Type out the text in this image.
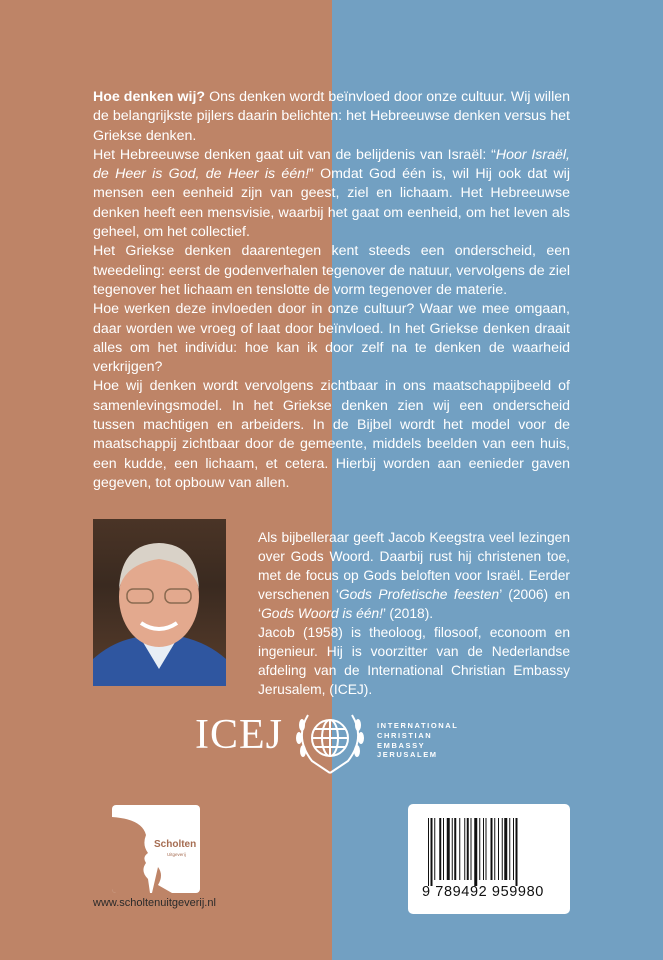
Hoe denken wij? Ons denken wordt beïnvloed door onze cultuur. Wij willen de belangrijkste pijlers daarin belichten: het Hebreeuwse denken versus het Griekse denken.

Het Hebreeuwse denken gaat uit van de belijdenis van Israël: “Hoor Israël, de Heer is God, de Heer is één!” Omdat God één is, wil Hij ook dat wij mensen een eenheid zijn van geest, ziel en lichaam. Het Hebreeuwse denken heeft een mensvisie, waarbij het gaat om eenheid, om het leven als geheel, om het collectief.

Het Griekse denken daarentegen kent steeds een onderscheid, een tweedeling: eerst de godenverhalen tegenover de natuur, vervolgens de ziel tegenover het lichaam en tenslotte de vorm tegenover de materie.

Hoe werken deze invloeden door in onze cultuur? Waar we mee omgaan, daar worden we vroeg of laat door beïnvloed. In het Griekse denken draait alles om het individu: hoe kan ik door zelf na te denken de waarheid verkrijgen?

Hoe wij denken wordt vervolgens zichtbaar in ons maatschappijbeeld of samenlevingsmodel. In het Griekse denken zien wij een onderscheid tussen machtigen en arbeiders. In de Bijbel wordt het model voor de maatschappij zichtbaar door de gemeente, middels beelden van een huis, een kudde, een lichaam, et cetera. Hierbij worden aan eenieder gaven gegeven, tot opbouw van allen.

Als bijbelleraar geeft Jacob Keegstra veel lezingen over Gods Woord. Daarbij rust hij christenen toe, met de focus op Gods beloften voor Israël. Eerder verschenen ‘Gods Profetische feesten’ (2006) en ‘Gods Woord is één!’ (2018).

Jacob (1958) is theoloog, filosoof, econoom en ingenieur. Hij is voorzitter van de Nederlandse afdeling van de International Christian Embassy Jerusalem, (ICEJ).

ICEJ	INTERNATIONAL
CHRISTIAN
EMBASSY
JERUSALEM
Scholten
Uitgeverij
www.scholtenuitgeverij.nl
9 789492 959980
